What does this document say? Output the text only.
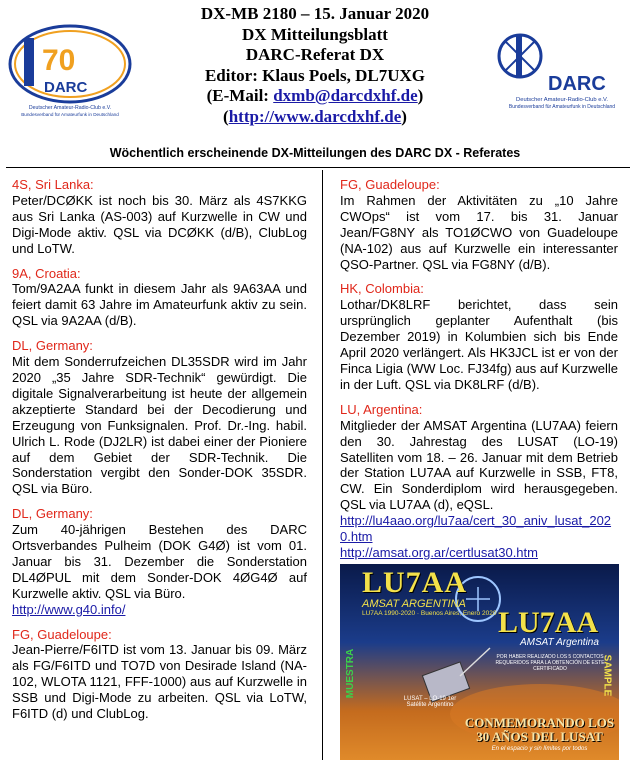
70
DARC
Deutscher Amateur-Radio-Club e.V.
Bundesverband für Amateurfunk in Deutschland
DX-MB 2180 – 15. Januar 2020
DX Mitteilungsblatt
DARC-Referat DX
Editor: Klaus Poels, DL7UXG
(E-Mail: dxmb@darcdxhf.de)
(http://www.darcdxhf.de)
DARC
Deutscher Amateur-Radio-Club e.V.
Bundesverband für Amateurfunk in Deutschland
Wöchentlich erscheinende DX-Mitteilungen des DARC DX - Referates
4S, Sri Lanka:
Peter/DCØKK ist noch bis 30. März als 4S7KKG aus Sri Lanka (AS-003) auf Kurzwelle in CW und Digi-Mode aktiv. QSL via DCØKK (d/B), ClubLog und LoTW.
9A, Croatia:
Tom/9A2AA funkt in diesem Jahr als 9A63AA und feiert damit 63 Jahre im Amateurfunk aktiv zu sein. QSL via 9A2AA (d/B).
DL, Germany:
Mit dem Sonderrufzeichen DL35SDR wird im Jahr 2020 „35 Jahre SDR-Technik“ gewürdigt. Die digitale Signalverarbeitung ist heute der allgemein akzeptierte Standard bei der Decodierung und Erzeugung von Funksignalen. Prof. Dr.-Ing. habil. Ulrich L. Rode (DJ2LR) ist dabei einer der Pioniere auf dem Gebiet der SDR-Technik. Die Sonderstation vergibt den Sonder-DOK 35SDR. QSL via Büro.
DL, Germany:
Zum 40-jährigen Bestehen des DARC Ortsverbandes Pulheim (DOK G4Ø) ist vom 01. Januar bis 31. Dezember die Sonderstation DL4ØPUL mit dem Sonder-DOK 4ØG4Ø auf Kurzwelle aktiv. QSL via Büro.
http://www.g40.info/
FG, Guadeloupe:
Jean-Pierre/F6ITD ist vom 13. Januar bis 09. März als FG/F6ITD und TO7D von Desirade Island (NA-102, WLOTA 1121, FFF-1000) aus auf Kurzwelle in SSB und Digi-Mode zu arbeiten. QSL via LoTW, F6ITD (d) und ClubLog.
FG, Guadeloupe:
Im Rahmen der Aktivitäten zu „10 Jahre CWOps“ ist vom 17. bis 31. Januar Jean/FG8NY als TO1ØCWO von Guadeloupe (NA-102) aus auf Kurzwelle ein interessanter QSO-Partner. QSL via FG8NY (d/B).
HK, Colombia:
Lothar/DK8LRF berichtet, dass sein ursprünglich geplanter Aufenthalt (bis Dezember 2019) in Kolumbien sich bis Ende April 2020 verlängert. Als HK3JCL ist er von der Finca Ligia (WW Loc. FJ34fg) aus auf Kurzwelle in der Luft. QSL via DK8LRF (d/B).
LU, Argentina:
Mitglieder der AMSAT Argentina (LU7AA) feiern den 30. Jahrestag des LUSAT (LO-19) Satelliten vom 18. – 26. Januar mit dem Betrieb der Station LU7AA auf Kurzwelle in SSB, FT8, CW. Ein Sonderdiplom wird herausgegeben. QSL via LU7AA (d), eQSL.
http://lu4aao.org/lu7aa/cert_30_aniv_lusat_2020.htm
http://amsat.org.ar/certlusat30.htm
LU7AA
AMSAT ARGENTINA
LU7AA 1990-2020 · Buenos Aires, Enero 2020 LU7AA
AMSAT Argentina
POR HABER REALIZADO LOS 5 CONTACTOS REQUERIDOS PARA LA OBTENCIÓN DE ESTE CERTIFICADO
LUSAT – LO-19 1er Satélite Argentino
MUESTRA	SAMPLE
CONMEMORANDO LOS 30 AÑOS DEL LUSAT
En el espacio y sin límites por todos
